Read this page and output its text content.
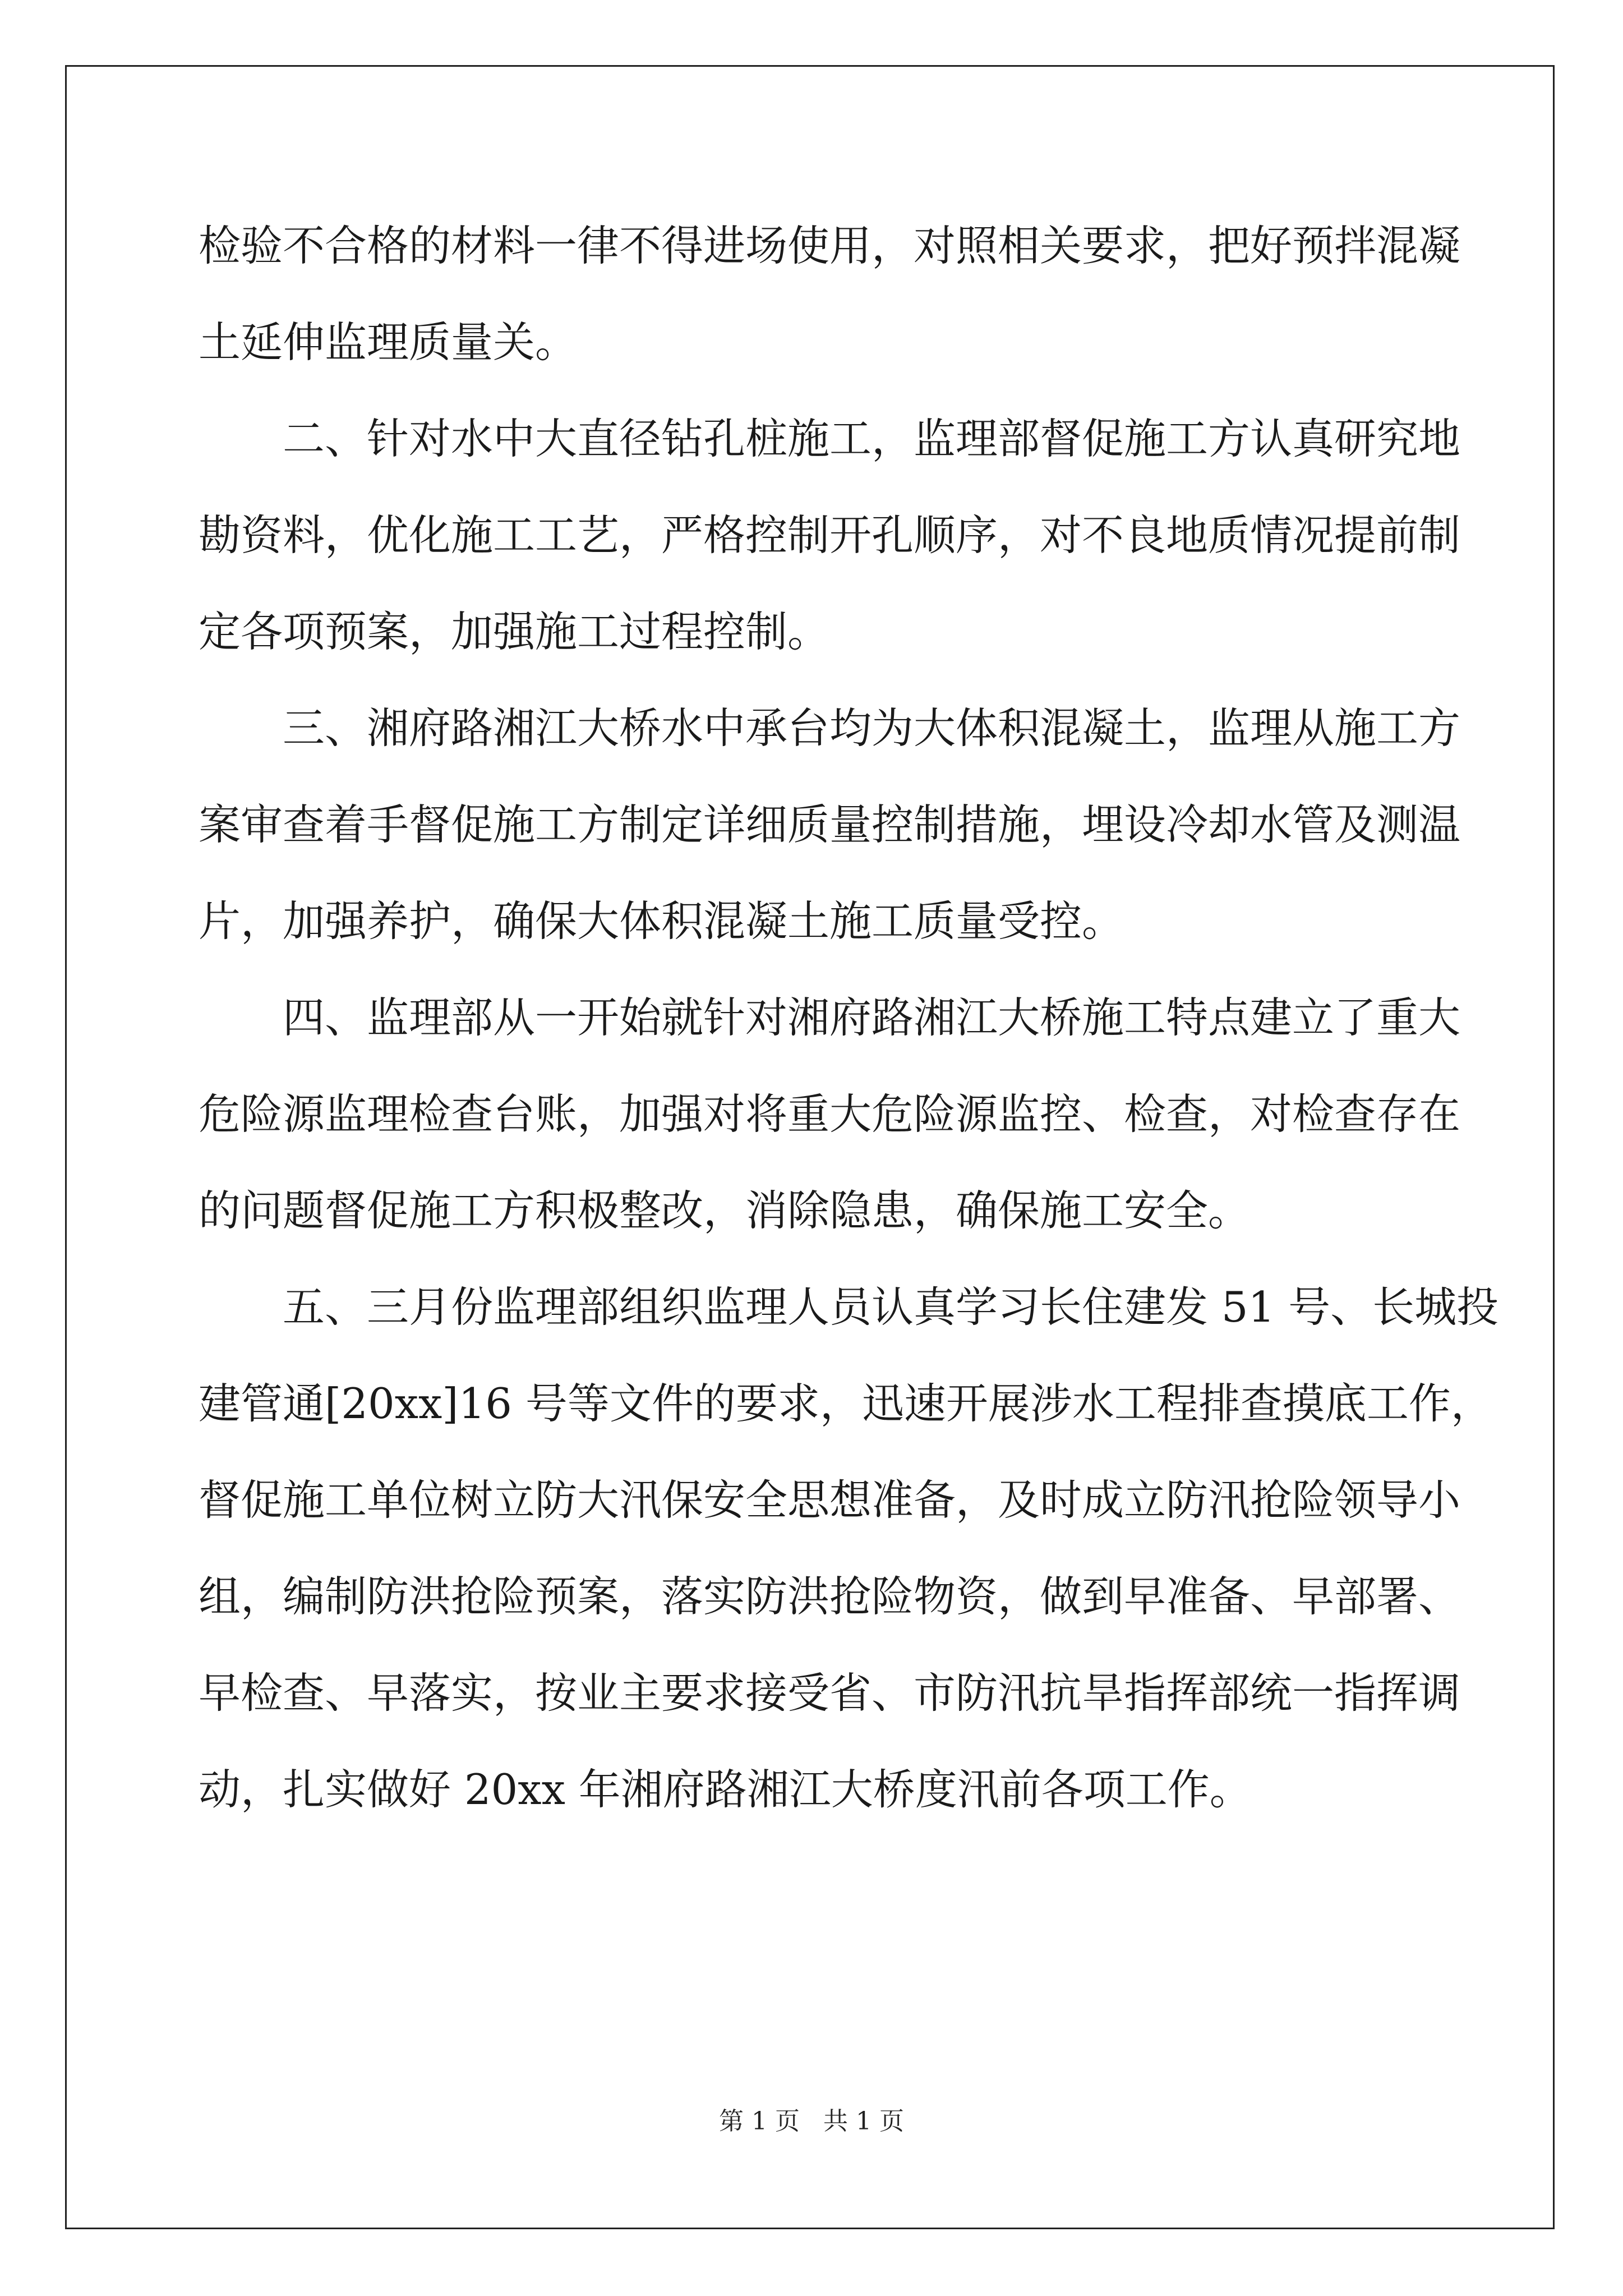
检验不合格的材料一律不得进场使用，对照相关要求，把好预拌混凝
土延伸监理质量关。
二、针对水中大直径钻孔桩施工，监理部督促施工方认真研究地
勘资料，优化施工工艺，严格控制开孔顺序，对不良地质情况提前制
定各项预案，加强施工过程控制。
三、湘府路湘江大桥水中承台均为大体积混凝土，监理从施工方
案审查着手督促施工方制定详细质量控制措施，埋设冷却水管及测温
片，加强养护，确保大体积混凝土施工质量受控。
四、监理部从一开始就针对湘府路湘江大桥施工特点建立了重大
危险源监理检查台账，加强对将重大危险源监控、检查，对检查存在
的问题督促施工方积极整改，消除隐患，确保施工安全。
五、三月份监理部组织监理人员认真学习长住建发 51 号、长城投
建管通[20xx]16 号等文件的要求，迅速开展涉水工程排查摸底工作，
督促施工单位树立防大汛保安全思想准备，及时成立防汛抢险领导小
组，编制防洪抢险预案，落实防洪抢险物资，做到早准备、早部署、
早检查、早落实，按业主要求接受省、市防汛抗旱指挥部统一指挥调
动，扎实做好 20xx 年湘府路湘江大桥度汛前各项工作。
第 1 页   共 1 页
